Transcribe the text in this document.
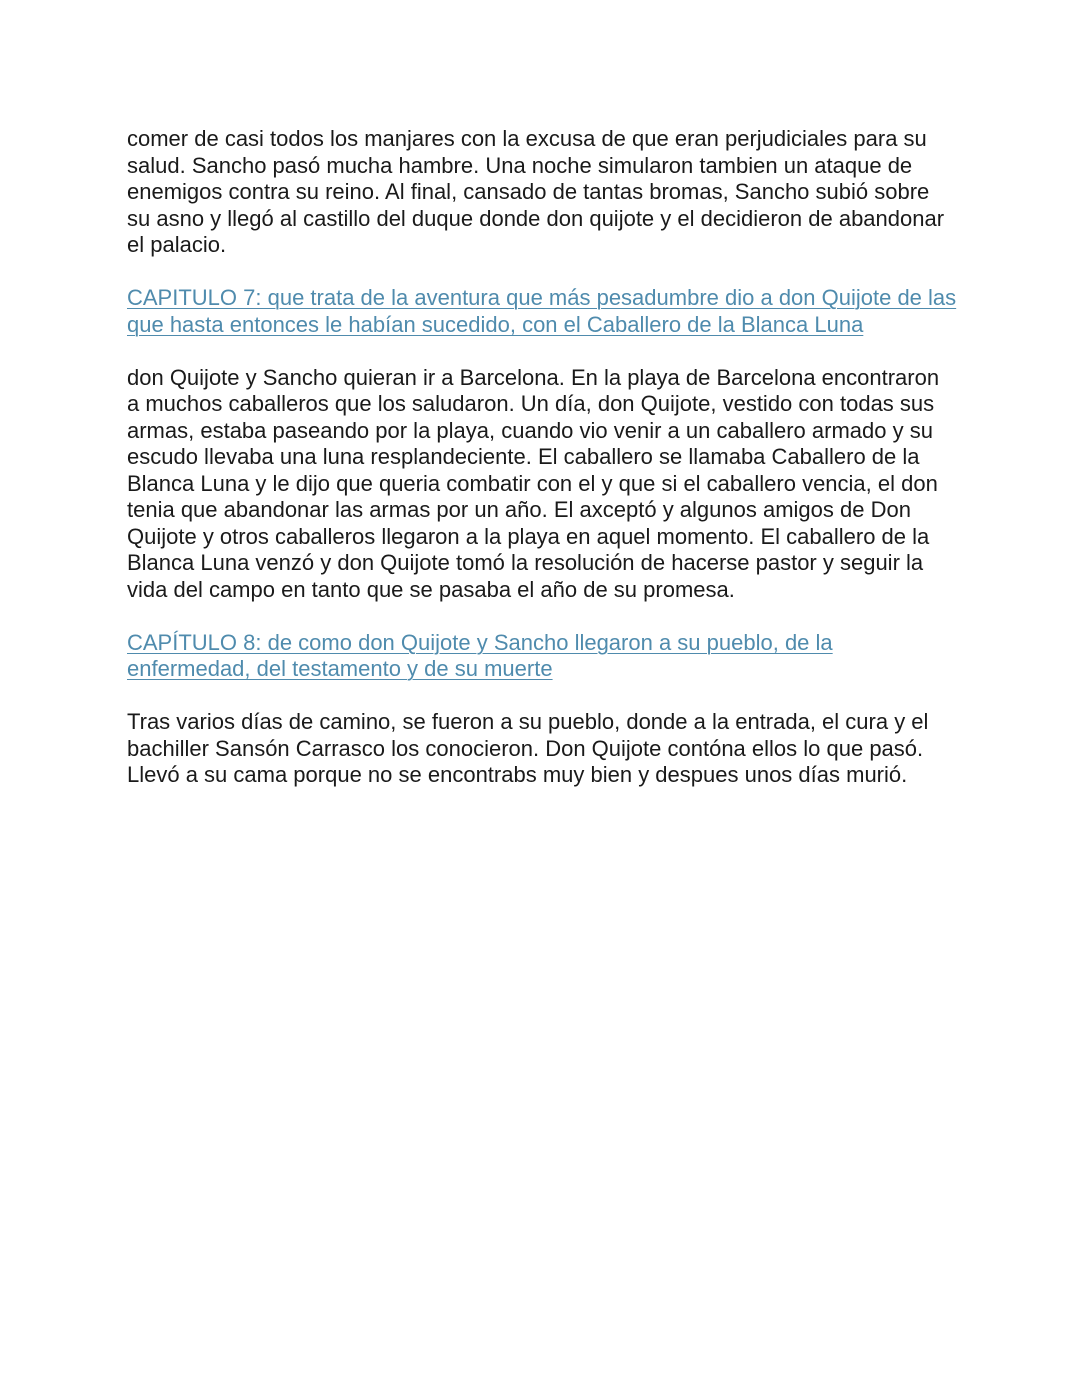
comer de casi todos los manjares con la excusa de que eran perjudiciales para su salud. Sancho pasó mucha hambre. Una noche simularon tambien un ataque de enemigos contra su reino. Al final, cansado de tantas bromas, Sancho subió sobre su asno y llegó al castillo del duque donde don quijote y el decidieron de abandonar el palacio.

CAPITULO 7: que trata de la aventura que más pesadumbre dio a don Quijote de las que hasta entonces le habían sucedido, con el Caballero de la Blanca Luna

don Quijote y Sancho quieran ir a Barcelona. En la playa de Barcelona encontraron a muchos caballeros que los saludaron. Un día, don Quijote, vestido con todas sus armas, estaba paseando por la playa, cuando vio venir a un caballero armado y su escudo llevaba una luna resplandeciente. El caballero se llamaba Caballero de la Blanca Luna y le dijo que queria combatir con el y que si el caballero vencia, el don tenia que abandonar las armas por un año. El axceptó y algunos amigos de Don Quijote y otros caballeros llegaron a la playa en aquel momento. El caballero de la Blanca Luna venzó y don Quijote tomó la resolución de hacerse pastor y seguir la vida del campo en tanto que se pasaba el año de su promesa.

CAPÍTULO 8: de como don Quijote y Sancho llegaron a su pueblo, de la enfermedad, del testamento y de su muerte

Tras varios días de camino, se fueron a su pueblo, donde a la entrada, el cura y el bachiller Sansón Carrasco los conocieron. Don Quijote contóna ellos lo que pasó. Llevó a su cama porque no se encontrabs muy bien y despues unos días murió.
